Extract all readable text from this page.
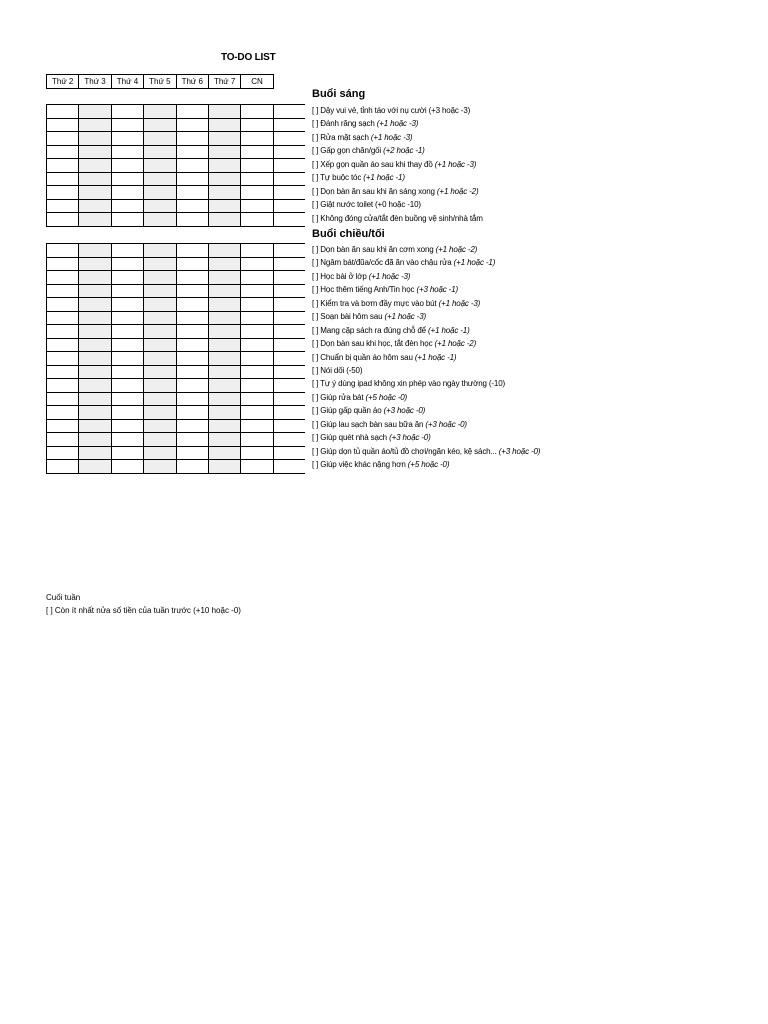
TO-DO LIST
Thứ 2	Thứ 3	Thứ 4	Thứ 5	Thứ 6	Thứ 7	CN

[ ] Dậy vui vẻ, tỉnh táo với nụ cười (+3 hoặc -3)
[ ] Đánh răng sạch (+1 hoặc -3)
[ ] Rửa mặt sạch (+1 hoặc -3)
[ ] Gấp gọn chăn/gối (+2 hoặc -1)
[ ] Xếp gọn quần áo sau khi thay đồ (+1 hoặc -3)
[ ] Tự buộc tóc (+1 hoặc -1)
[ ] Dọn bàn ăn sau khi ăn sáng xong (+1 hoặc -2)
[ ] Giật nước toilet (+0 hoặc -10)
[ ] Không đóng cửa/tắt đèn buồng vệ sinh/nhà tắm
Buổi sáng
Buổi chiều/tối

[ ] Dọn bàn ăn sau khi ăn cơm xong (+1 hoặc -2)
[ ] Ngâm bát/đũa/cốc đã ăn vào chậu rửa (+1 hoặc -1)
[ ] Học bài ở lớp (+1 hoặc -3)
[ ] Học thêm tiếng Anh/Tin học (+3 hoặc -1)
[ ] Kiểm tra và bơm đầy mực vào bút (+1 hoặc -3)
[ ] Soạn bài hôm sau (+1 hoặc -3)
[ ] Mang cặp sách ra đúng chỗ để (+1 hoặc -1)
[ ] Dọn bàn sau khi học, tắt đèn học (+1 hoặc -2)
[ ] Chuẩn bị quần áo hôm sau (+1 hoặc -1)
[ ] Nói dối (-50)
[ ] Tự ý dùng ipad không xin phép vào ngày thường (-10)
[ ] Giúp rửa bát (+5 hoặc -0)
[ ] Giúp gấp quần áo (+3 hoặc -0)
[ ] Giúp lau sạch bàn sau bữa ăn (+3 hoặc -0)
[ ] Giúp quét nhà sạch (+3 hoặc -0)
[ ] Giúp dọn tủ quần áo/tủ đồ chơi/ngăn kéo, kệ sách... (+3 hoặc -0)
[ ] Giúp việc khác nặng hơn (+5 hoặc -0)
Cuối tuần
[ ] Còn ít nhất nửa số tiền của tuần trước (+10 hoặc -0)
